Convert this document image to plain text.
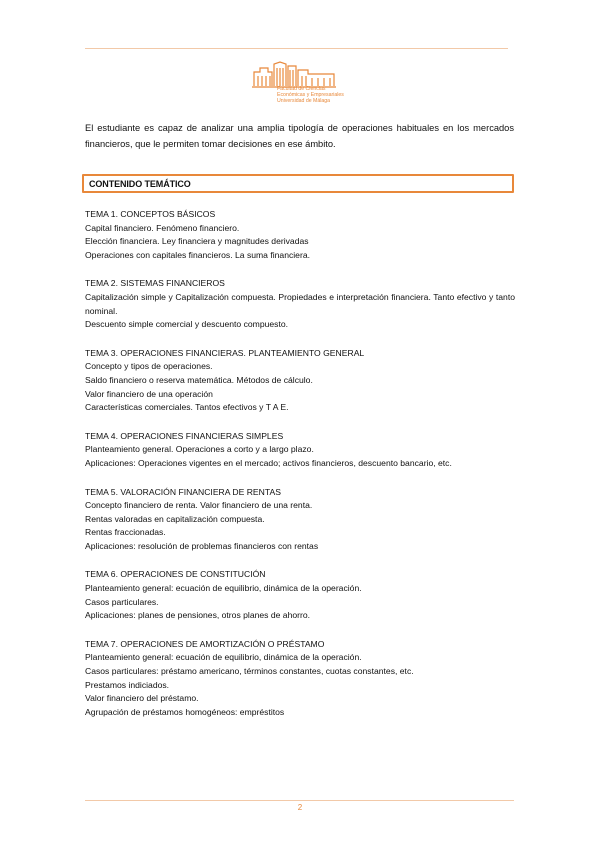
Facultad de Ciencias
Económicas y Empresariales
Universidad de Málaga
El estudiante es capaz de analizar una amplia tipología de operaciones habituales en los mercados financieros, que le permiten tomar decisiones en ese ámbito.
CONTENIDO TEMÁTICO
TEMA 1. CONCEPTOS BÁSICOS
Capital financiero. Fenómeno financiero.
Elección financiera. Ley financiera y magnitudes derivadas
Operaciones con capitales financieros. La suma financiera.
TEMA 2. SISTEMAS FINANCIEROS
Capitalización simple y Capitalización compuesta. Propiedades e interpretación financiera. Tanto efectivo y tanto nominal.
Descuento simple comercial y descuento compuesto.
TEMA 3. OPERACIONES FINANCIERAS. PLANTEAMIENTO GENERAL
Concepto y tipos de operaciones.
Saldo financiero o reserva matemática. Métodos de cálculo.
Valor financiero de una operación
Características comerciales. Tantos efectivos y T A E.
TEMA 4. OPERACIONES FINANCIERAS SIMPLES
Planteamiento general. Operaciones a corto y a largo plazo.
Aplicaciones: Operaciones vigentes en el mercado; activos financieros, descuento bancario, etc.
TEMA 5. VALORACIÓN FINANCIERA DE RENTAS
Concepto financiero de renta. Valor financiero de una renta.
Rentas valoradas en capitalización compuesta.
Rentas fraccionadas.
Aplicaciones: resolución de problemas financieros con rentas
TEMA 6. OPERACIONES DE CONSTITUCIÓN
Planteamiento general: ecuación de equilibrio, dinámica de la operación.
Casos particulares.
Aplicaciones: planes de pensiones, otros planes de ahorro.
TEMA 7. OPERACIONES DE AMORTIZACIÓN O PRÉSTAMO
Planteamiento general: ecuación de equilibrio, dinámica de la operación.
Casos particulares: préstamo americano, términos constantes, cuotas constantes, etc.
Prestamos indiciados.
Valor financiero del préstamo.
Agrupación de préstamos homogéneos: empréstitos
2
